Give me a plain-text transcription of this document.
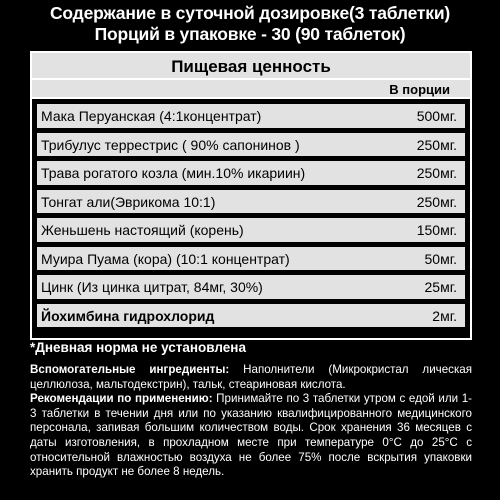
Содержание в суточной дозировке(3 таблетки)
Порций в упаковке - 30 (90 таблеток)
Пищевая ценность
В порции
Мака Перуанская (4:1концентрат)	500мг.
Трибулус террестрис ( 90% сапонинов )	250мг.
Трава рогатого козла (мин.10% икариин)	250мг.
Тонгат али(Эврикома 10:1)	250мг.
Женьшень настоящий (корень)	150мг.
Муира Пуама (кора) (10:1 концентрат)	50мг.
Цинк (Из цинка цитрат, 84мг, 30%)	25мг.
Йохимбина гидрохлорид	2мг.
*Дневная норма не установлена
Вспомогательные ингредиенты: Наполнители (Микрокристал лическая целлюлоза, мальтодекстрин), тальк, стеариновая кислота.
Рекомендации по применению: Принимайте по 3 таблетки утром с едой или 1-3 таблетки в течении дня или по указанию квалифицированного медицинского персонала, запивая большим количеством воды. Срок хранения 36 месяцев с даты изготовления, в прохладном месте при температуре 0°С до 25°С с относительной влажностью воздуха не более 75% после вскрытия упаковки хранить продукт не более 8 недель.
